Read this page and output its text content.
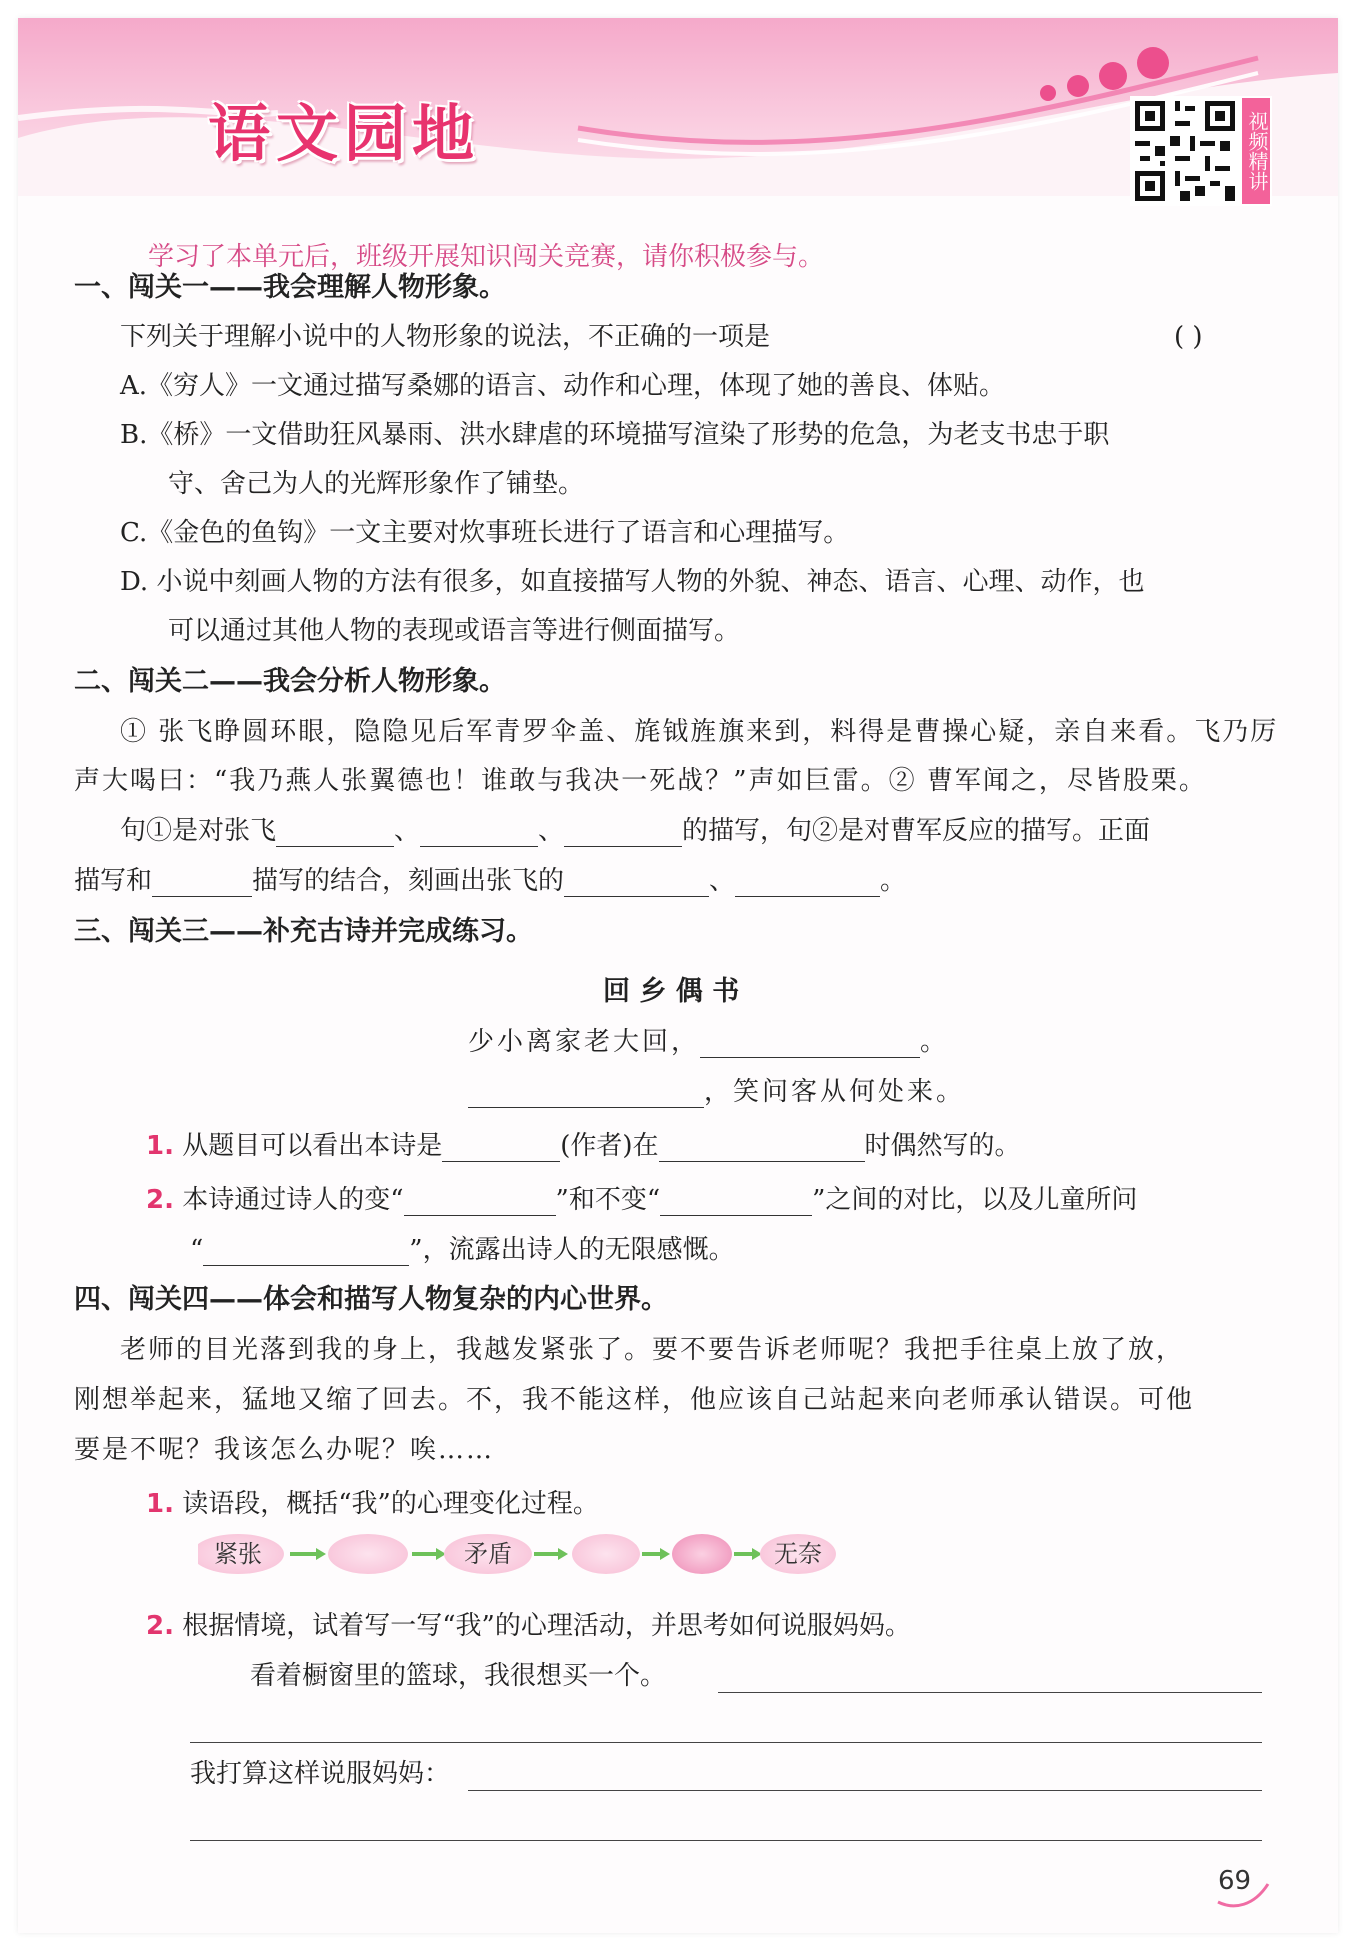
语文园地	视频精讲
学习了本单元后，班级开展知识闯关竞赛，请你积极参与。
一、闯关一——我会理解人物形象。
下列关于理解小说中的人物形象的说法，不正确的一项是	( )
A.《穷人》一文通过描写桑娜的语言、动作和心理，体现了她的善良、体贴。
B.《桥》一文借助狂风暴雨、洪水肆虐的环境描写渲染了形势的危急，为老支书忠于职
守、舍己为人的光辉形象作了铺垫。
C.《金色的鱼钩》一文主要对炊事班长进行了语言和心理描写。
D. 小说中刻画人物的方法有很多，如直接描写人物的外貌、神态、语言、心理、动作，也
可以通过其他人物的表现或语言等进行侧面描写。
二、闯关二——我会分析人物形象。
① 张飞睁圆环眼，隐隐见后军青罗伞盖、旄钺旌旗来到，料得是曹操心疑，亲自来看。飞乃厉
声大喝曰：“我乃燕人张翼德也！谁敢与我决一死战？”声如巨雷。② 曹军闻之，尽皆股栗。
句①是对张飞	、	、	的描写，句②是对曹军反应的描写。正面
描写和	描写的结合，刻画出张飞的	、	。
三、闯关三——补充古诗并完成练习。
回 乡 偶 书
少小离家老大回，	。
，笑问客从何处来。
1. 从题目可以看出本诗是	(作者)在	时偶然写的。
2. 本诗通过诗人的变“	”和不变“	”之间的对比，以及儿童所问
“	”，流露出诗人的无限感慨。
四、闯关四——体会和描写人物复杂的内心世界。
老师的目光落到我的身上，我越发紧张了。要不要告诉老师呢？我把手往桌上放了放，
刚想举起来，猛地又缩了回去。不，我不能这样，他应该自己站起来向老师承认错误。可他
要是不呢？我该怎么办呢？唉……
1. 读语段，概括“我”的心理变化过程。
紧张	矛盾	无奈
2. 根据情境，试着写一写“我”的心理活动，并思考如何说服妈妈。
看着橱窗里的篮球，我很想买一个。
我打算这样说服妈妈：
69
